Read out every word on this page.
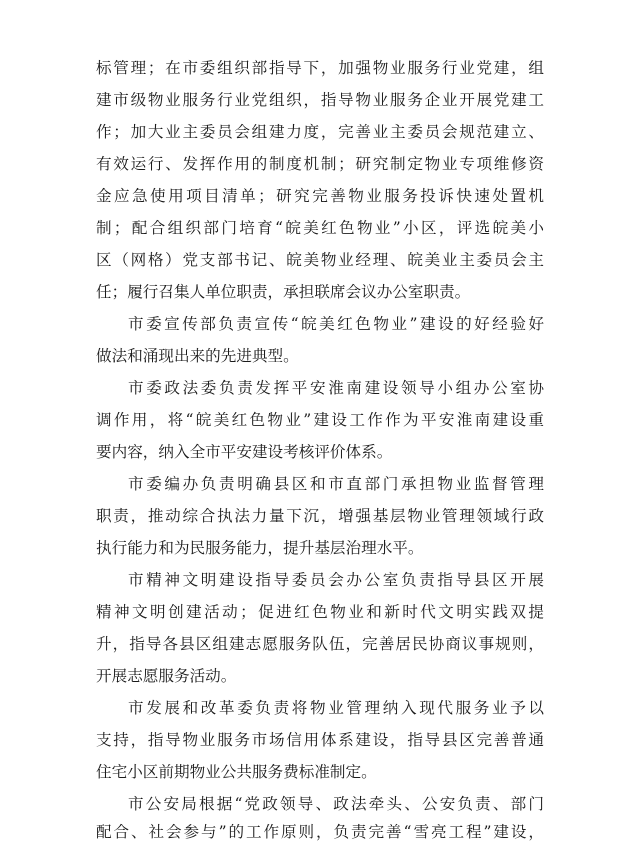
标管理；在市委组织部指导下，加强物业服务行业党建，组
建市级物业服务行业党组织，指导物业服务企业开展党建工
作；加大业主委员会组建力度，完善业主委员会规范建立、
有效运行、发挥作用的制度机制；研究制定物业专项维修资
金应急使用项目清单；研究完善物业服务投诉快速处置机
制；配合组织部门培育“皖美红色物业”小区，评选皖美小
区（网格）党支部书记、皖美物业经理、皖美业主委员会主
任；履行召集人单位职责，承担联席会议办公室职责。
市委宣传部负责宣传“皖美红色物业”建设的好经验好
做法和涌现出来的先进典型。
市委政法委负责发挥平安淮南建设领导小组办公室协
调作用，将“皖美红色物业”建设工作作为平安淮南建设重
要内容，纳入全市平安建设考核评价体系。
市委编办负责明确县区和市直部门承担物业监督管理
职责，推动综合执法力量下沉，增强基层物业管理领域行政
执行能力和为民服务能力，提升基层治理水平。
市精神文明建设指导委员会办公室负责指导县区开展
精神文明创建活动；促进红色物业和新时代文明实践双提
升，指导各县区组建志愿服务队伍，完善居民协商议事规则，
开展志愿服务活动。
市发展和改革委负责将物业管理纳入现代服务业予以
支持，指导物业服务市场信用体系建设，指导县区完善普通
住宅小区前期物业公共服务费标准制定。
市公安局根据“党政领导、政法牵头、公安负责、部门
配合、社会参与”的工作原则，负责完善“雪亮工程”建设，
